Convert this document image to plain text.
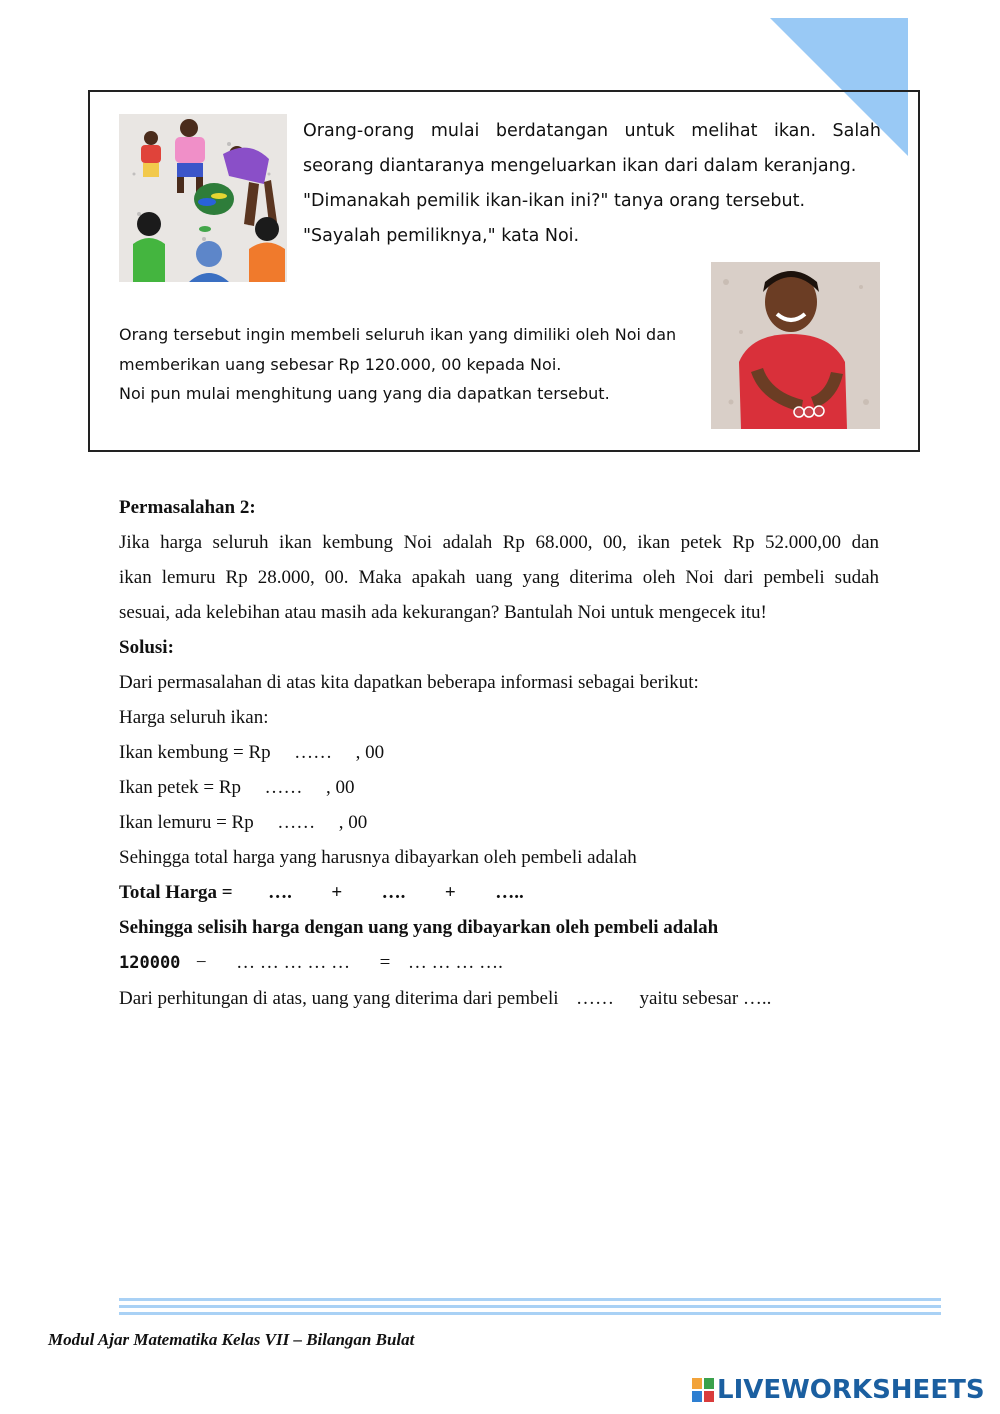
Orang-orang mulai berdatangan untuk melihat ikan. Salah
seorang diantaranya mengeluarkan ikan dari dalam keranjang.
"Dimanakah pemilik ikan-ikan ini?" tanya orang tersebut.
"Sayalah pemiliknya," kata Noi.
Orang tersebut ingin membeli seluruh ikan yang dimiliki oleh Noi dan
memberikan uang sebesar Rp 120.000, 00 kepada Noi.
Noi pun mulai menghitung uang yang dia dapatkan tersebut.

Permasalahan 2:

Jika harga seluruh ikan kembung Noi adalah Rp 68.000, 00, ikan petek Rp 52.000,00 dan

ikan lemuru Rp 28.000, 00. Maka apakah uang yang diterima oleh Noi dari pembeli sudah

sesuai, ada kelebihan atau masih ada kekurangan? Bantulah Noi untuk mengecek itu!

Solusi:

Dari permasalahan di atas kita dapatkan beberapa informasi sebagai berikut:

Harga seluruh ikan:

Ikan kembung = Rp …… , 00

Ikan petek = Rp …… , 00

Ikan lemuru = Rp …… , 00

Sehingga total harga yang harusnya dibayarkan oleh pembeli adalah

Total Harga = …. + …. + …..

Sehingga selisih harga dengan uang yang dibayarkan oleh pembeli adalah

120000 − … … … … … = … … … ….

Dari perhitungan di atas, uang yang diterima dari pembeli …… yaitu sebesar …..

Modul Ajar Matematika Kelas VII – Bilangan Bulat
LIVEWORKSHEETS
